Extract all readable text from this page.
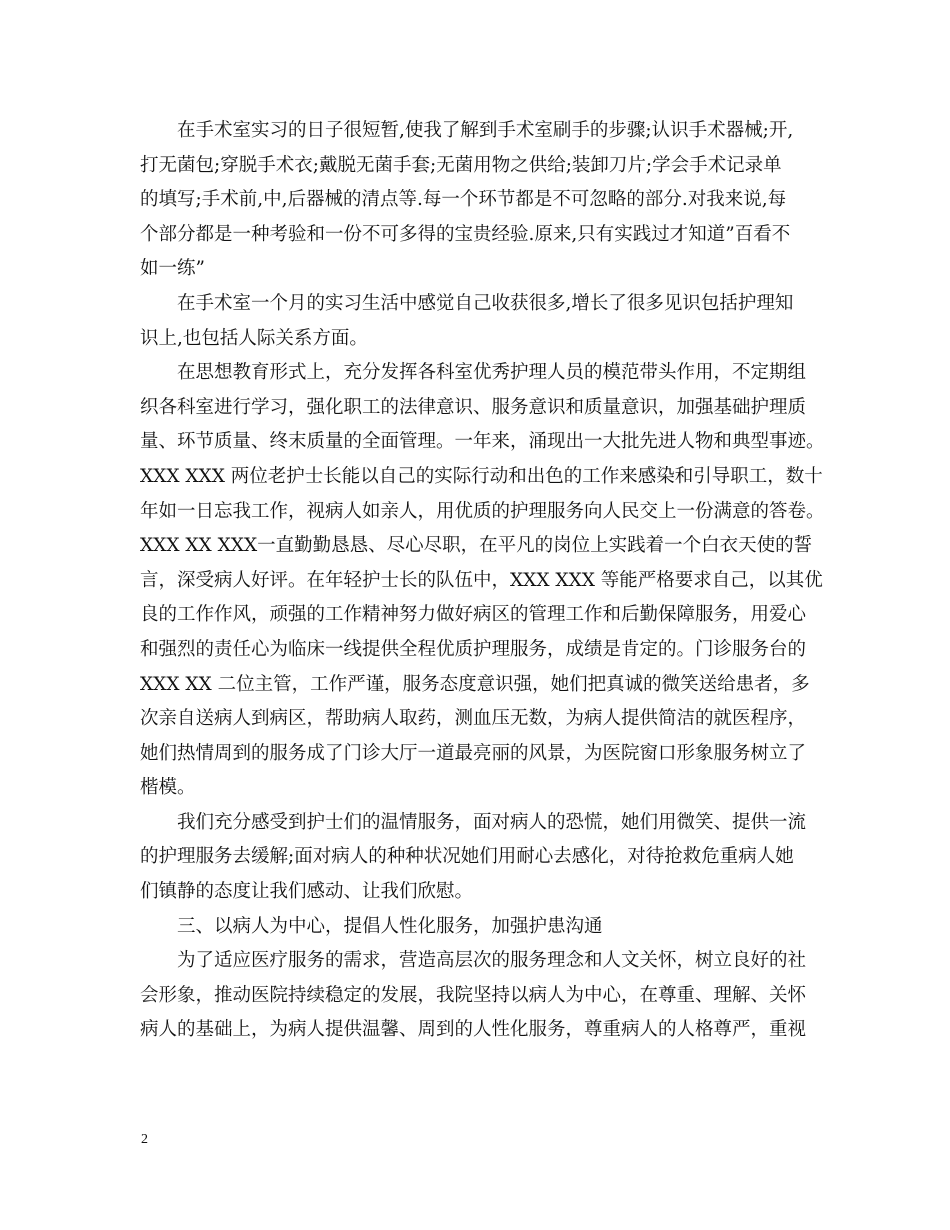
　　在手术室实习的日子很短暂,使我了解到手术室刷手的步骤;认识手术器械;开,
打无菌包;穿脱手术衣;戴脱无菌手套;无菌用物之供给;装卸刀片;学会手术记录单
的填写;手术前,中,后器械的清点等.每一个环节都是不可忽略的部分.对我来说,每
个部分都是一种考验和一份不可多得的宝贵经验.原来,只有实践过才知道”百看不
如一练”
　　在手术室一个月的实习生活中感觉自己收获很多,增长了很多见识包括护理知
识上,也包括人际关系方面。
　　在思想教育形式上，充分发挥各科室优秀护理人员的模范带头作用，不定期组
织各科室进行学习，强化职工的法律意识、服务意识和质量意识，加强基础护理质
量、环节质量、终末质量的全面管理。一年来，涌现出一大批先进人物和典型事迹。
XXX XXX 两位老护士长能以自己的实际行动和出色的工作来感染和引导职工，数十
年如一日忘我工作，视病人如亲人，用优质的护理服务向人民交上一份满意的答卷。
XXX XX XXX一直勤勤恳恳、尽心尽职，在平凡的岗位上实践着一个白衣天使的誓
言，深受病人好评。在年轻护士长的队伍中，XXX XXX 等能严格要求自己，以其优
良的工作作风，顽强的工作精神努力做好病区的管理工作和后勤保障服务，用爱心
和强烈的责任心为临床一线提供全程优质护理服务，成绩是肯定的。门诊服务台的
XXX XX 二位主管，工作严谨，服务态度意识强，她们把真诚的微笑送给患者，多
次亲自送病人到病区，帮助病人取药，测血压无数，为病人提供简洁的就医程序，
她们热情周到的服务成了门诊大厅一道最亮丽的风景，为医院窗口形象服务树立了
楷模。
　　我们充分感受到护士们的温情服务，面对病人的恐慌，她们用微笑、提供一流
的护理服务去缓解;面对病人的种种状况她们用耐心去感化，对待抢救危重病人她
们镇静的态度让我们感动、让我们欣慰。
　　三、以病人为中心，提倡人性化服务，加强护患沟通
　　为了适应医疗服务的需求，营造高层次的服务理念和人文关怀，树立良好的社
会形象，推动医院持续稳定的发展，我院坚持以病人为中心，在尊重、理解、关怀
病人的基础上，为病人提供温馨、周到的人性化服务，尊重病人的人格尊严，重视
2
